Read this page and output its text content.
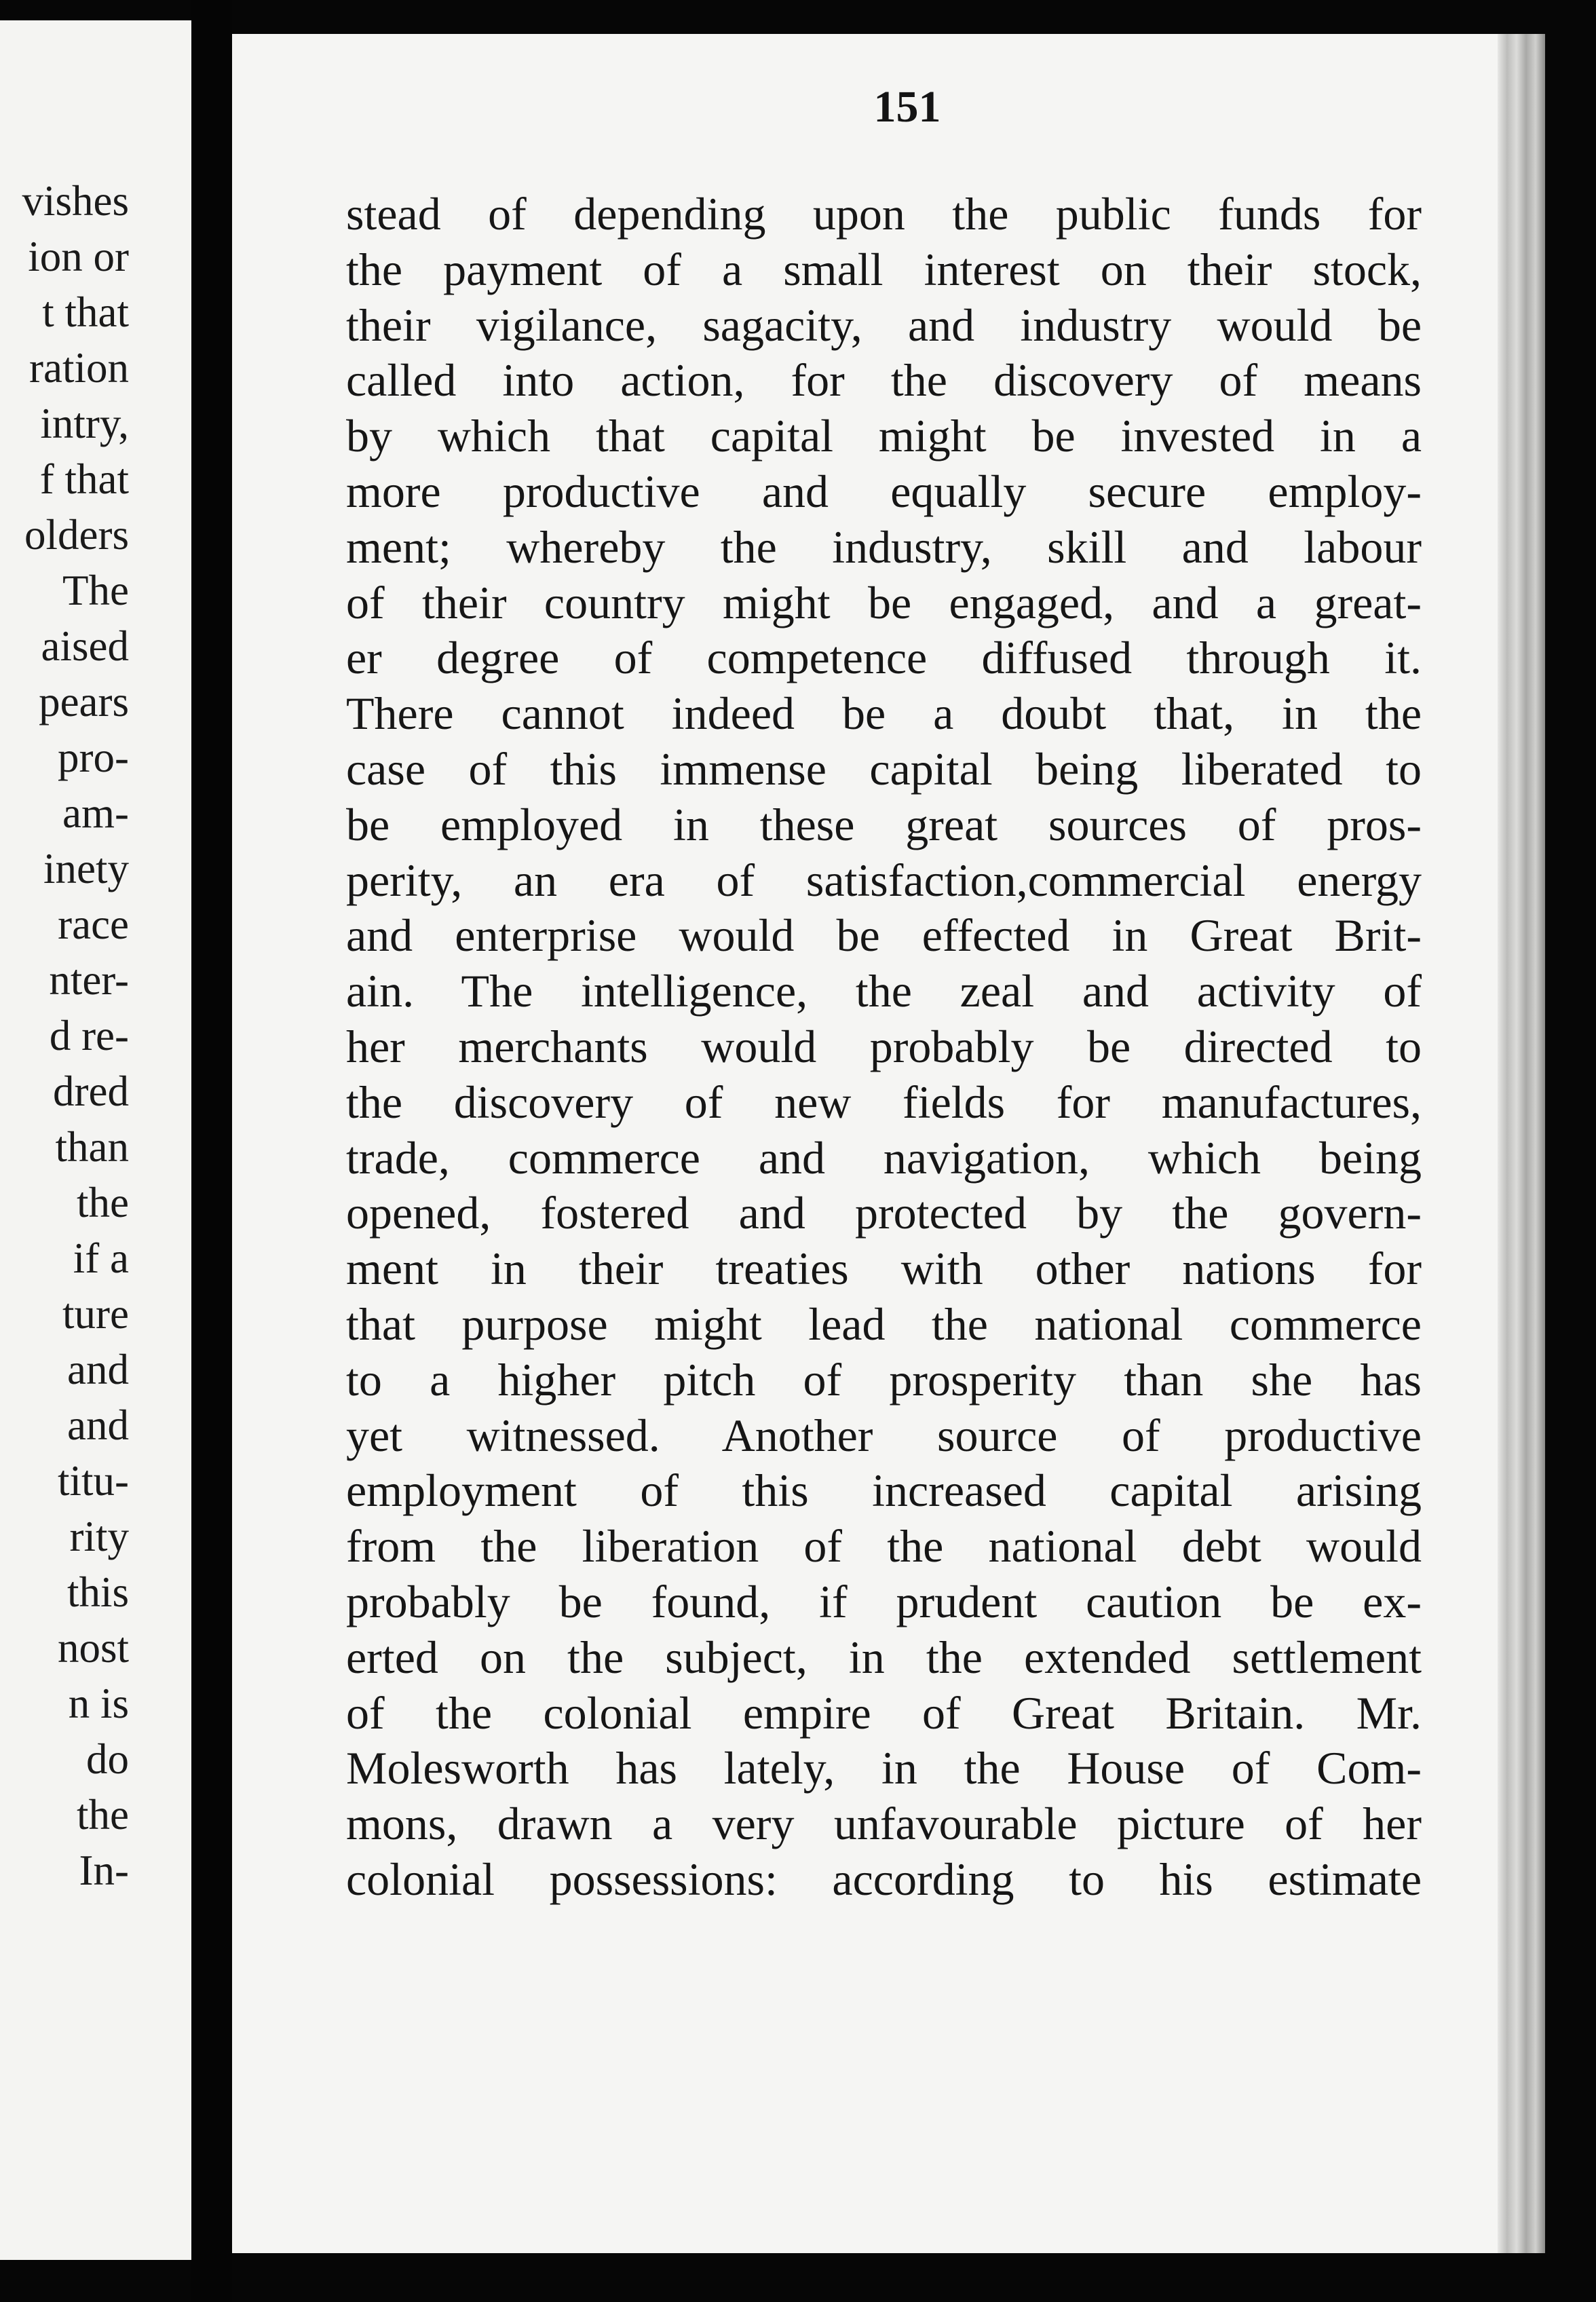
vishes
ion or
t that
ration
intry,
f that
olders
The
aised
pears
pro-
am-
inety
race
nter-
d re-
dred
than
the
if a
ture
and
and
titu-
rity
this
nost
n is
do
the
In-
151
stead of depending upon the public funds for
the payment of a small interest on their stock,
their vigilance, sagacity, and industry would be
called into action, for the discovery of means
by which that capital might be invested in a
more productive and equally secure employ-
ment; whereby the industry, skill and labour
of their country might be engaged, and a great-
er degree of competence diffused through it.
There cannot indeed be a doubt that, in the
case of this immense capital being liberated to
be employed in these great sources of pros-
perity, an era of satisfaction,commercial energy
and enterprise would be effected in Great Brit-
ain. The intelligence, the zeal and activity of
her merchants would probably be directed to
the discovery of new fields for manufactures,
trade, commerce and navigation, which being
opened, fostered and protected by the govern-
ment in their treaties with other nations for
that purpose might lead the national commerce
to a higher pitch of prosperity than she has
yet witnessed. Another source of productive
employment of this increased capital arising
from the liberation of the national debt would
probably be found, if prudent caution be ex-
erted on the subject, in the extended settlement
of the colonial empire of Great Britain. Mr.
Molesworth has lately, in the House of Com-
mons, drawn a very unfavourable picture of her
colonial possessions: according to his estimate
